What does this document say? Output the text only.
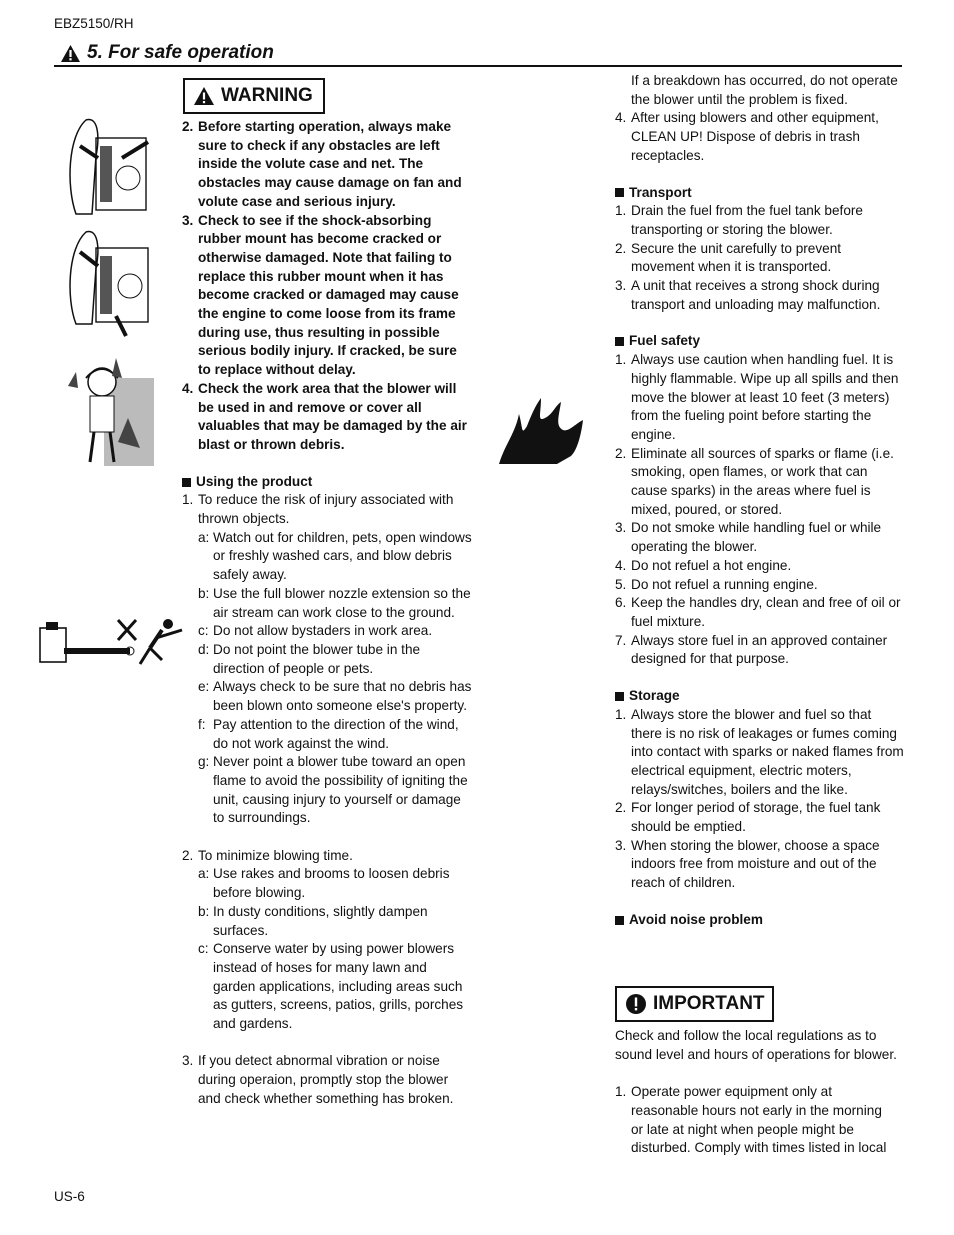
EBZ5150/RH
5. For safe operation
WARNING
2. Before starting operation, always make sure to check if any obstacles are left inside the volute case and net. The obstacles may cause damage on fan and volute case and serious injury.
3. Check to see if the shock-absorbing rubber mount has become cracked or otherwise damaged. Note that failing to replace this rubber mount when it has become cracked or damaged may cause the engine to come loose from its frame during use, thus resulting in possible serious bodily injury. If cracked, be sure to replace without delay.
4. Check the work area that the blower will be used in and remove or cover all valuables that may be damaged by the air blast or thrown debris.
Using the product
1. To reduce the risk of injury associated with thrown objects.
a: Watch out for children, pets, open windows or freshly washed cars, and blow debris safely away.
b: Use the full blower nozzle extension so the air stream can work close to the ground.
c: Do not allow bystaders in work area.
d: Do not point the blower tube in the direction of people or pets.
e: Always check to be sure that no debris has been blown onto someone else's property.
f: Pay attention to the direction of the wind, do not work against the wind.
g: Never point a blower tube toward an open flame to avoid the possibility of igniting the unit, causing injury to yourself or damage to surroundings.
2. To minimize blowing time.
a: Use rakes and brooms to loosen debris before blowing.
b: In dusty conditions, slightly dampen surfaces.
c: Conserve water by using power blowers instead of hoses for many lawn and garden applications, including areas such as gutters, screens, patios, grills, porches and gardens.
3. If you detect abnormal vibration or noise during operaion, promptly stop the blower and check whether something has broken.
If a breakdown has occurred, do not operate the blower until the problem is fixed.
4. After using blowers and other equipment, CLEAN UP! Dispose of debris in trash receptacles.
Transport
1. Drain the fuel from the fuel tank before transporting or storing the blower.
2. Secure the unit carefully to prevent movement when it is transported.
3. A unit that receives a strong shock during transport and unloading may malfunction.
Fuel safety
1. Always use caution when handling fuel. It is highly flammable. Wipe up all spills and then move the blower at least 10 feet (3 meters) from the fueling point before starting the engine.
2. Eliminate all sources of sparks or flame (i.e. smoking, open flames, or work that can cause sparks) in the areas where fuel is mixed, poured, or stored.
3. Do not smoke while handling fuel or while operating the blower.
4. Do not refuel a hot engine.
5. Do not refuel a running engine.
6. Keep the handles dry, clean and free of oil or fuel mixture.
7. Always store fuel in an approved container designed for that purpose.
Storage
1. Always store the blower and fuel so that there is no risk of leakages or fumes coming into contact with sparks or naked flames from electrical equipment, electric moters, relays/switches, boilers and the like.
2. For longer period of storage, the fuel tank should be emptied.
3. When storing the blower, choose a space indoors free from moisture and out of the reach of children.
Avoid noise problem
IMPORTANT
Check and follow the local regulations as to sound level and hours of operations for blower.
1. Operate power equipment only at reasonable hours not early in the morning or late at night when people might be disturbed. Comply with times listed in local
US-6
